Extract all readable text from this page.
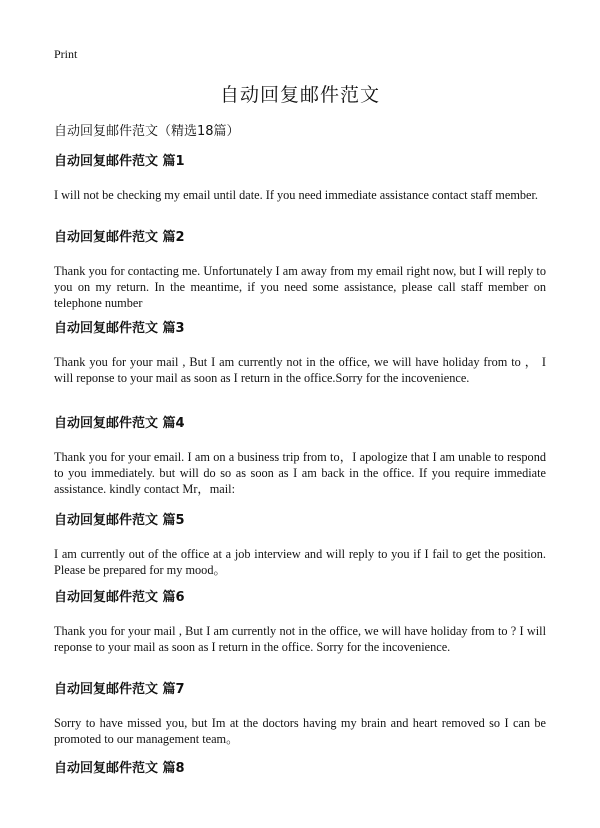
Print
自动回复邮件范文
自动回复邮件范文（精选18篇）
自动回复邮件范文 篇1

I will not be checking my email until date. If you need immediate assistance contact staff member.

自动回复邮件范文 篇2

Thank you for contacting me. Unfortunately I am away from my email right now, but I will reply to you on my return. In the meantime, if you need some assistance, please call staff member on telephone number

自动回复邮件范文 篇3

Thank you for your mail , But I am currently not in the office, we will have holiday from to ， I will reponse to your mail as soon as I return in the office.Sorry for the incovenience.

自动回复邮件范文 篇4

Thank you for your email. I am on a business trip from to，I apologize that I am unable to respond to you immediately. but will do so as soon as I am back in the office. If you require immediate assistance. kindly contact Mr，mail:

自动回复邮件范文 篇5

I am currently out of the office at a job interview and will reply to you if I fail to get the position. Please be prepared for my mood。

自动回复邮件范文 篇6

Thank you for your mail , But I am currently not in the office, we will have holiday from to ? I will reponse to your mail as soon as I return in the office. Sorry for the incovenience.

自动回复邮件范文 篇7

Sorry to have missed you, but Im at the doctors having my brain and heart removed so I can be promoted to our management team。

自动回复邮件范文 篇8
